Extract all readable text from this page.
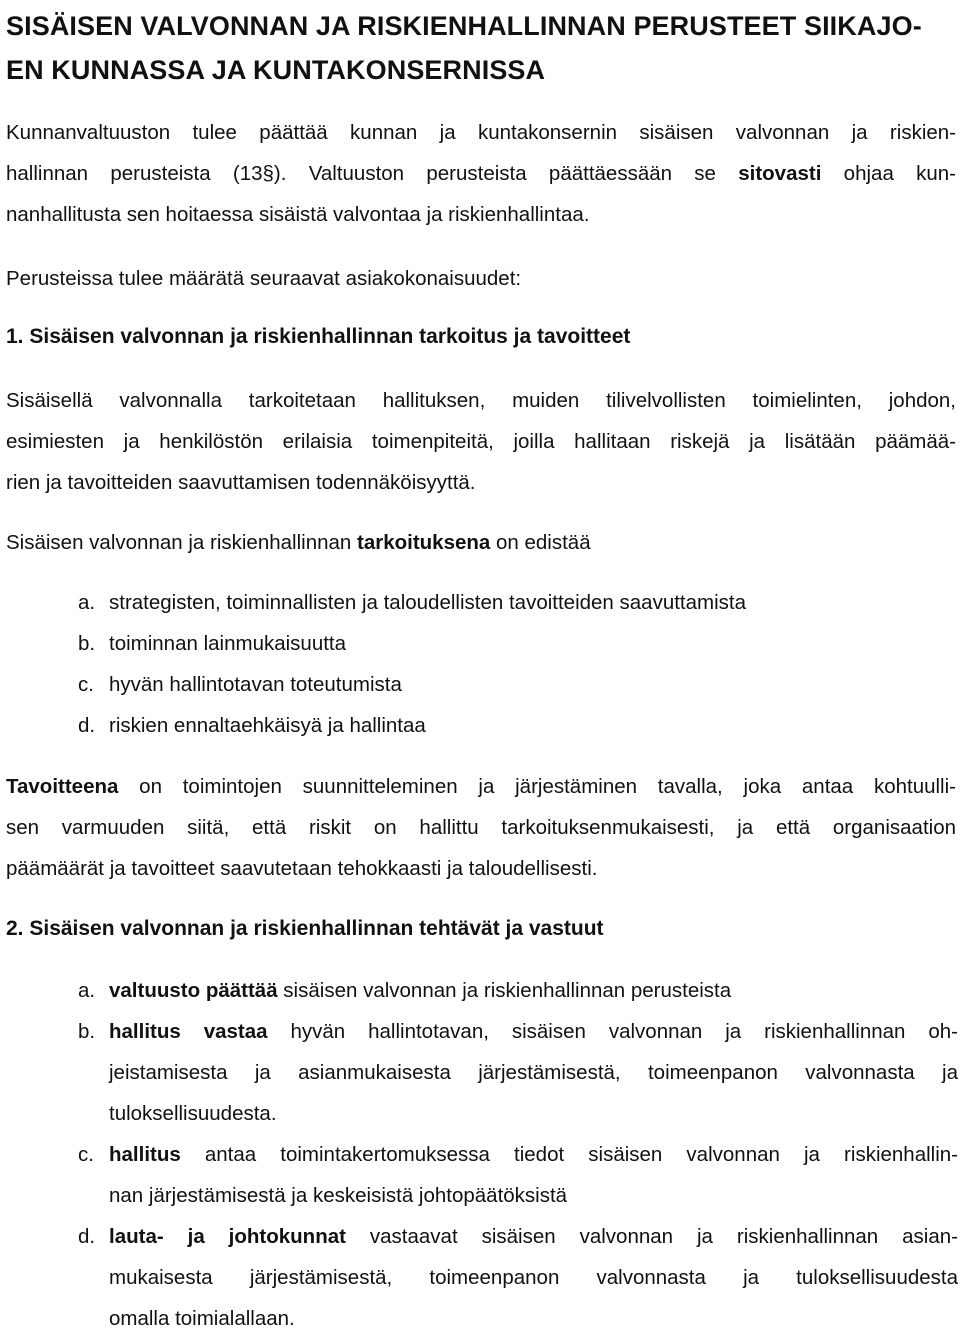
SISÄISEN VALVONNAN JA RISKIENHALLINNAN PERUSTEET SIIKAJO-
EN KUNNASSA JA KUNTAKONSERNISSA
Kunnanvaltuuston tulee päättää kunnan ja kuntakonsernin sisäisen valvonnan ja riskien-
hallinnan perusteista (13§). Valtuuston perusteista päättäessään se sitovasti ohjaa kun-
nanhallitusta sen hoitaessa sisäistä valvontaa ja riskienhallintaa.
Perusteissa tulee määrätä seuraavat asiakokonaisuudet:
1. Sisäisen valvonnan ja riskienhallinnan tarkoitus ja tavoitteet
Sisäisellä valvonnalla tarkoitetaan hallituksen, muiden tilivelvollisten toimielinten, johdon,
esimiesten ja henkilöstön erilaisia toimenpiteitä, joilla hallitaan riskejä ja lisätään päämää-
rien ja tavoitteiden saavuttamisen todennäköisyyttä.
Sisäisen valvonnan ja riskienhallinnan tarkoituksena on edistää
a. strategisten, toiminnallisten ja taloudellisten tavoitteiden saavuttamista
b. toiminnan lainmukaisuutta
c. hyvän hallintotavan toteutumista
d. riskien ennaltaehkäisyä ja hallintaa
Tavoitteena on toimintojen suunnitteleminen ja järjestäminen tavalla, joka antaa kohtuulli-
sen varmuuden siitä, että riskit on hallittu tarkoituksenmukaisesti, ja että organisaation
päämäärät ja tavoitteet saavutetaan tehokkaasti ja taloudellisesti.
2. Sisäisen valvonnan ja riskienhallinnan tehtävät ja vastuut
a. valtuusto päättää sisäisen valvonnan ja riskienhallinnan perusteista
b. hallitus vastaa hyvän hallintotavan, sisäisen valvonnan ja riskienhallinnan oh-
jeistamisesta ja asianmukaisesta järjestämisestä, toimeenpanon valvonnasta ja
tuloksellisuudesta.
c. hallitus antaa toimintakertomuksessa tiedot sisäisen valvonnan ja riskienhallin-
nan järjestämisestä ja keskeisistä johtopäätöksistä
d. lauta- ja johtokunnat vastaavat sisäisen valvonnan ja riskienhallinnan asian-
mukaisesta järjestämisestä, toimeenpanon valvonnasta ja tuloksellisuudesta
omalla toimialallaan.
